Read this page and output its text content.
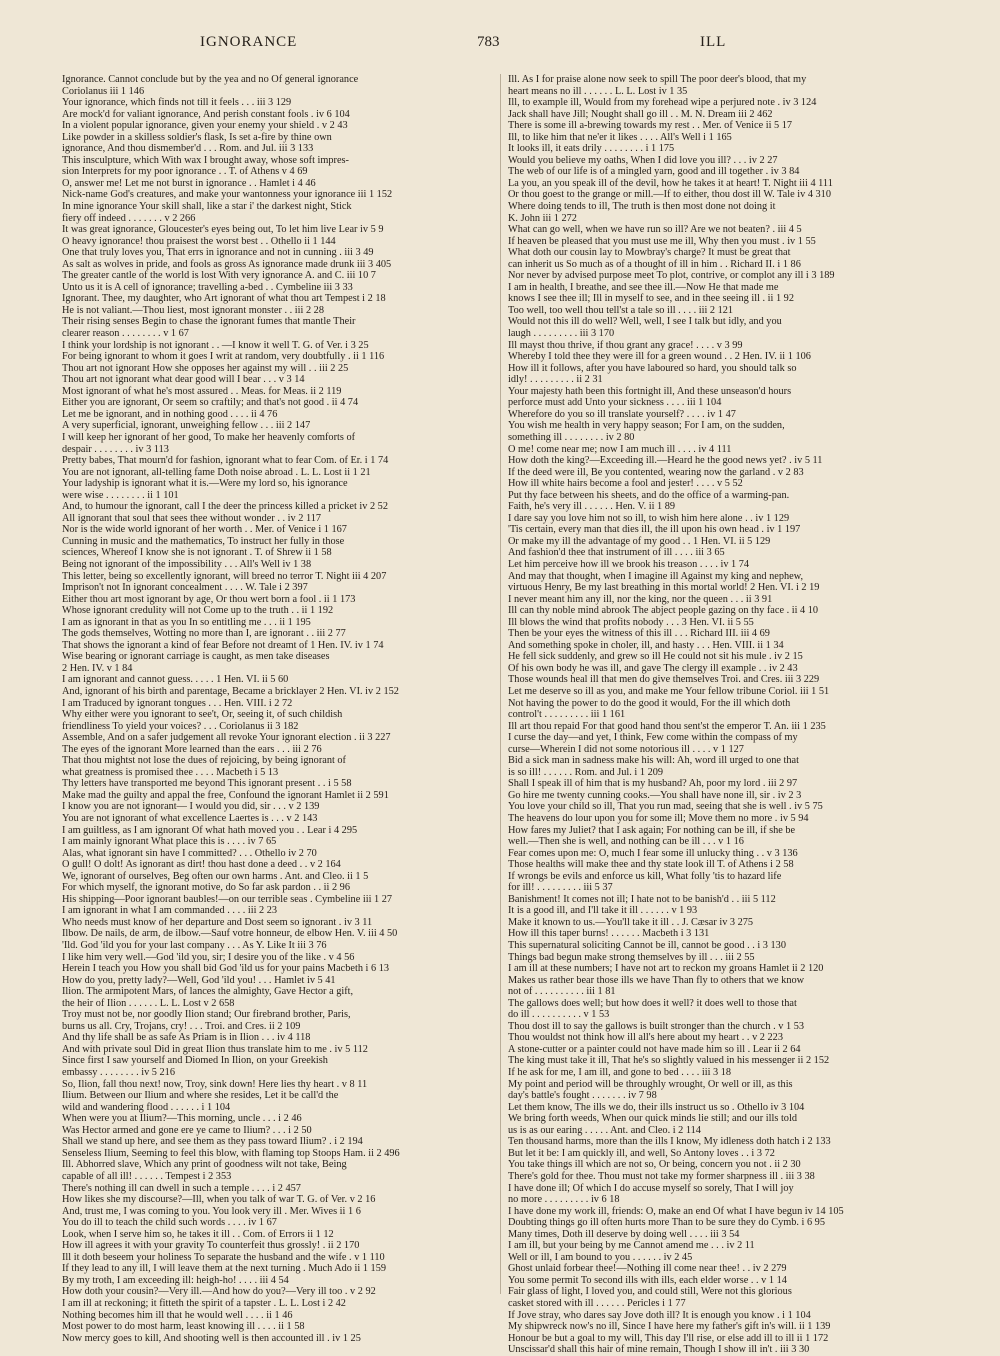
IGNORANCE	783	ILL
Ignorance. Cannot conclude but by the yea and no Of general ignorance
Coriolanus iii 1 146
Your ignorance, which finds not till it feels . . . iii 3 129
Are mock'd for valiant ignorance, And perish constant fools . iv 6 104
In a violent popular ignorance, given your enemy your shield . v 2 43
Like powder in a skilless soldier's flask, Is set a-fire by thine own
ignorance, And thou dismember'd . . . Rom. and Jul. iii 3 133
This insculpture, which With wax I brought away, whose soft impres-
sion Interprets for my poor ignorance . . T. of Athens v 4 69
O, answer me! Let me not burst in ignorance . . Hamlet i 4 46
Nick-name God's creatures, and make your wantonness your ignorance iii 1 152
In mine ignorance Your skill shall, like a star i' the darkest night, Stick
fiery off indeed . . . . . . . v 2 266
It was great ignorance, Gloucester's eyes being out, To let him live Lear iv 5 9
O heavy ignorance! thou praisest the worst best . . Othello ii 1 144
One that truly loves you, That errs in ignorance and not in cunning . iii 3 49
As salt as wolves in pride, and fools as gross As ignorance made drunk iii 3 405
The greater cantle of the world is lost With very ignorance A. and C. iii 10 7
Unto us it is A cell of ignorance; travelling a-bed . . Cymbeline iii 3 33
Ignorant. Thee, my daughter, who Art ignorant of what thou art Tempest i 2 18
He is not valiant.—Thou liest, most ignorant monster . . iii 2 28
Their rising senses Begin to chase the ignorant fumes that mantle Their
clearer reason . . . . . . . . v 1 67
I think your lordship is not ignorant . . —I know it well T. G. of Ver. i 3 25
For being ignorant to whom it goes I writ at random, very doubtfully . ii 1 116
Thou art not ignorant How she opposes her against my will . . iii 2 25
Thou art not ignorant what dear good will I bear . . . v 3 14
Most ignorant of what he's most assured . . Meas. for Meas. ii 2 119
Either you are ignorant, Or seem so craftily; and that's not good . ii 4 74
Let me be ignorant, and in nothing good . . . . ii 4 76
A very superficial, ignorant, unweighing fellow . . . iii 2 147
I will keep her ignorant of her good, To make her heavenly comforts of
despair . . . . . . . . iv 3 113
Pretty babes, That mourn'd for fashion, ignorant what to fear Com. of Er. i 1 74
You are not ignorant, all-telling fame Doth noise abroad . L. L. Lost ii 1 21
Your ladyship is ignorant what it is.—Were my lord so, his ignorance
were wise . . . . . . . . ii 1 101
And, to humour the ignorant, call I the deer the princess killed a pricket iv 2 52
All ignorant that soul that sees thee without wonder . . iv 2 117
Nor is the wide world ignorant of her worth . . Mer. of Venice i 1 167
Cunning in music and the mathematics, To instruct her fully in those
sciences, Whereof I know she is not ignorant . T. of Shrew ii 1 58
Being not ignorant of the impossibility . . . All's Well iv 1 38
This letter, being so excellently ignorant, will breed no terror T. Night iii 4 207
Imprison't not In ignorant concealment . . . . W. Tale i 2 397
Either thou art most ignorant by age, Or thou wert born a fool . ii 1 173
Whose ignorant credulity will not Come up to the truth . . ii 1 192
I am as ignorant in that as you In so entitling me . . . ii 1 195
The gods themselves, Wotting no more than I, are ignorant . . iii 2 77
That shows the ignorant a kind of fear Before not dreamt of 1 Hen. IV. iv 1 74
Wise bearing or ignorant carriage is caught, as men take diseases
2 Hen. IV. v 1 84
I am ignorant and cannot guess. . . . . 1 Hen. VI. ii 5 60
And, ignorant of his birth and parentage, Became a bricklayer 2 Hen. VI. iv 2 152
I am Traduced by ignorant tongues . . . Hen. VIII. i 2 72
Why either were you ignorant to see't, Or, seeing it, of such childish
friendliness To yield your voices? . . . Coriolanus ii 3 182
Assemble, And on a safer judgement all revoke Your ignorant election . ii 3 227
The eyes of the ignorant More learned than the ears . . . iii 2 76
That thou mightst not lose the dues of rejoicing, by being ignorant of
what greatness is promised thee . . . . Macbeth i 5 13
Thy letters have transported me beyond This ignorant present . . i 5 58
Make mad the guilty and appal the free, Confound the ignorant Hamlet ii 2 591
I know you are not ignorant— I would you did, sir . . . v 2 139
You are not ignorant of what excellence Laertes is . . . v 2 143
I am guiltless, as I am ignorant Of what hath moved you . . Lear i 4 295
I am mainly ignorant What place this is . . . . iv 7 65
Alas, what ignorant sin have I committed? . . . Othello iv 2 70
O gull! O dolt! As ignorant as dirt! thou hast done a deed . . v 2 164
We, ignorant of ourselves, Beg often our own harms . Ant. and Cleo. ii 1 5
For which myself, the ignorant motive, do So far ask pardon . . ii 2 96
His shipping—Poor ignorant baubles!—on our terrible seas . Cymbeline iii 1 27
I am ignorant in what I am commanded . . . . iii 2 23
Who needs must know of her departure and Dost seem so ignorant . iv 3 11
Ilbow. De nails, de arm, de ilbow.—Sauf votre honneur, de elbow Hen. V. iii 4 50
'Ild. God 'ild you for your last company . . . As Y. Like It iii 3 76
I like him very well.—God 'ild you, sir; I desire you of the like . v 4 56
Herein I teach you How you shall bid God 'ild us for your pains Macbeth i 6 13
How do you, pretty lady?—Well, God 'ild you! . . . Hamlet iv 5 41
Ilion. The armipotent Mars, of lances the almighty, Gave Hector a gift,
the heir of Ilion . . . . . . L. L. Lost v 2 658
Troy must not be, nor goodly Ilion stand; Our firebrand brother, Paris,
burns us all. Cry, Trojans, cry! . . . Troi. and Cres. ii 2 109
And thy life shall be as safe As Priam is in Ilion . . . iv 4 118
And with private soul Did in great Ilion thus translate him to me . iv 5 112
Since first I saw yourself and Diomed In Ilion, on your Greekish
embassy . . . . . . . . iv 5 216
So, Ilion, fall thou next! now, Troy, sink down! Here lies thy heart . v 8 11
Ilium. Between our Ilium and where she resides, Let it be call'd the
wild and wandering flood . . . . . . i 1 104
When were you at Ilium?—This morning, uncle . . . i 2 46
Was Hector armed and gone ere ye came to Ilium? . . . i 2 50
Shall we stand up here, and see them as they pass toward Ilium? . i 2 194
Senseless Ilium, Seeming to feel this blow, with flaming top Stoops Ham. ii 2 496
Ill. Abhorred slave, Which any print of goodness wilt not take, Being
capable of all ill! . . . . . . Tempest i 2 353
There's nothing ill can dwell in such a temple . . . . i 2 457
How likes she my discourse?—Ill, when you talk of war T. G. of Ver. v 2 16
And, trust me, I was coming to you. You look very ill . Mer. Wives ii 1 6
You do ill to teach the child such words . . . . iv 1 67
Look, when I serve him so, he takes it ill . . Com. of Errors ii 1 12
How ill agrees it with your gravity To counterfeit thus grossly! . ii 2 170
Ill it doth beseem your holiness To separate the husband and the wife . v 1 110
If they lead to any ill, I will leave them at the next turning . Much Ado ii 1 159
By my troth, I am exceeding ill: heigh-ho! . . . . iii 4 54
How doth your cousin?—Very ill.—And how do you?—Very ill too . v 2 92
I am ill at reckoning; it fitteth the spirit of a tapster . L. L. Lost i 2 42
Nothing becomes him ill that he would well . . . . ii 1 46
Most power to do most harm, least knowing ill . . . . ii 1 58
Now mercy goes to kill, And shooting well is then accounted ill . iv 1 25
Ill. As I for praise alone now seek to spill The poor deer's blood, that my
heart means no ill . . . . . . L. L. Lost iv 1 35
Ill, to example ill, Would from my forehead wipe a perjured note . iv 3 124
Jack shall have Jill; Nought shall go ill . . M. N. Dream iii 2 462
There is some ill a-brewing towards my rest . . Mer. of Venice ii 5 17
Ill, to like him that ne'er it likes . . . . All's Well i 1 165
It looks ill, it eats drily . . . . . . . . i 1 175
Would you believe my oaths, When I did love you ill? . . . iv 2 27
The web of our life is of a mingled yarn, good and ill together . iv 3 84
La you, an you speak ill of the devil, how he takes it at heart! T. Night iii 4 111
Or thou goest to the grange or mill.—If to either, thou dost ill W. Tale iv 4 310
Where doing tends to ill, The truth is then most done not doing it
K. John iii 1 272
What can go well, when we have run so ill? Are we not beaten? . iii 4 5
If heaven be pleased that you must use me ill, Why then you must . iv 1 55
What doth our cousin lay to Mowbray's charge? It must be great that
can inherit us So much as of a thought of ill in him . . Richard II. i 1 86
Nor never by advised purpose meet To plot, contrive, or complot any ill i 3 189
I am in health, I breathe, and see thee ill.—Now He that made me
knows I see thee ill; Ill in myself to see, and in thee seeing ill . ii 1 92
Too well, too well thou tell'st a tale so ill . . . . iii 2 121
Would not this ill do well? Well, well, I see I talk but idly, and you
laugh . . . . . . . . . iii 3 170
Ill mayst thou thrive, if thou grant any grace! . . . . v 3 99
Whereby I told thee they were ill for a green wound . . 2 Hen. IV. ii 1 106
How ill it follows, after you have laboured so hard, you should talk so
idly! . . . . . . . . . ii 2 31
Your majesty hath been this fortnight ill, And these unseason'd hours
perforce must add Unto your sickness . . . . iii 1 104
Wherefore do you so ill translate yourself? . . . . iv 1 47
You wish me health in very happy season; For I am, on the sudden,
something ill . . . . . . . . iv 2 80
O me! come near me; now I am much ill . . . . iv 4 111
How doth the king?—Exceeding ill.—Heard he the good news yet? . iv 5 11
If the deed were ill, Be you contented, wearing now the garland . v 2 83
How ill white hairs become a fool and jester! . . . . v 5 52
Put thy face between his sheets, and do the office of a warming-pan.
Faith, he's very ill . . . . . . Hen. V. ii 1 89
I dare say you love him not so ill, to wish him here alone . . iv 1 129
'Tis certain, every man that dies ill, the ill upon his own head . iv 1 197
Or make my ill the advantage of my good . . 1 Hen. VI. ii 5 129
And fashion'd thee that instrument of ill . . . . iii 3 65
Let him perceive how ill we brook his treason . . . . iv 1 74
And may that thought, when I imagine ill Against my king and nephew,
virtuous Henry, Be my last breathing in this mortal world! 2 Hen. VI. i 2 19
I never meant him any ill, nor the king, nor the queen . . . ii 3 91
Ill can thy noble mind abrook The abject people gazing on thy face . ii 4 10
Ill blows the wind that profits nobody . . . 3 Hen. VI. ii 5 55
Then be your eyes the witness of this ill . . . Richard III. iii 4 69
And something spoke in choler, ill, and hasty . . . Hen. VIII. ii 1 34
He fell sick suddenly, and grew so ill He could not sit his mule . iv 2 15
Of his own body he was ill, and gave The clergy ill example . . iv 2 43
Those wounds heal ill that men do give themselves Troi. and Cres. iii 3 229
Let me deserve so ill as you, and make me Your fellow tribune Coriol. iii 1 51
Not having the power to do the good it would, For the ill which doth
control't . . . . . . . . . iii 1 161
Ill art thou repaid For that good hand thou sent'st the emperor T. An. iii 1 235
I curse the day—and yet, I think, Few come within the compass of my
curse—Wherein I did not some notorious ill . . . . v 1 127
Bid a sick man in sadness make his will: Ah, word ill urged to one that
is so ill! . . . . . . Rom. and Jul. i 1 209
Shall I speak ill of him that is my husband? Ah, poor my lord . iii 2 97
Go hire me twenty cunning cooks.—You shall have none ill, sir . iv 2 3
You love your child so ill, That you run mad, seeing that she is well . iv 5 75
The heavens do lour upon you for some ill; Move them no more . iv 5 94
How fares my Juliet? that I ask again; For nothing can be ill, if she be
well.—Then she is well, and nothing can be ill . . . v 1 16
Fear comes upon me: O, much I fear some ill unlucky thing . . v 3 136
Those healths will make thee and thy state look ill T. of Athens i 2 58
If wrongs be evils and enforce us kill, What folly 'tis to hazard life
for ill! . . . . . . . . . iii 5 37
Banishment! It comes not ill; I hate not to be banish'd . . iii 5 112
It is a good ill, and I'll take it ill . . . . . . v 1 93
Make it known to us.—You'll take it ill . . J. Cæsar iv 3 275
How ill this taper burns! . . . . . . Macbeth i 3 131
This supernatural soliciting Cannot be ill, cannot be good . . i 3 130
Things bad begun make strong themselves by ill . . . iii 2 55
I am ill at these numbers; I have not art to reckon my groans Hamlet ii 2 120
Makes us rather bear those ills we have Than fly to others that we know
not of . . . . . . . . . . iii 1 81
The gallows does well; but how does it well? it does well to those that
do ill . . . . . . . . . . v 1 53
Thou dost ill to say the gallows is built stronger than the church . v 1 53
Thou wouldst not think how ill all's here about my heart . . v 2 223
A stone-cutter or a painter could not have made him so ill . Lear ii 2 64
The king must take it ill, That he's so slightly valued in his messenger ii 2 152
If he ask for me, I am ill, and gone to bed . . . . iii 3 18
My point and period will be throughly wrought, Or well or ill, as this
day's battle's fought . . . . . . . iv 7 98
Let them know, The ills we do, their ills instruct us so . Othello iv 3 104
We bring forth weeds, When our quick minds lie still; and our ills told
us is as our earing . . . . . Ant. and Cleo. i 2 114
Ten thousand harms, more than the ills I know, My idleness doth hatch i 2 133
But let it be: I am quickly ill, and well, So Antony loves . . i 3 72
You take things ill which are not so, Or being, concern you not . ii 2 30
There's gold for thee. Thou must not take my former sharpness ill . iii 3 38
I have done ill; Of which I do accuse myself so sorely, That I will joy
no more . . . . . . . . . iv 6 18
I have done my work ill, friends: O, make an end Of what I have begun iv 14 105
Doubting things go ill often hurts more Than to be sure they do Cymb. i 6 95
Many times, Doth ill deserve by doing well . . . . iii 3 54
I am ill, but your being by me Cannot amend me . . . iv 2 11
Well or ill, I am bound to you . . . . . . iv 2 45
Ghost unlaid forbear thee!—Nothing ill come near thee! . . iv 2 279
You some permit To second ills with ills, each elder worse . . v 1 14
Fair glass of light, I loved you, and could still, Were not this glorious
casket stored with ill . . . . . . Pericles i 1 77
If Jove stray, who dares say Jove doth ill? It is enough you know . i 1 104
My shipwreck now's no ill, Since I have here my father's gift in's will. ii 1 139
Honour be but a goal to my will, This day I'll rise, or else add ill to ill ii 1 172
Unscissar'd shall this hair of mine remain, Though I show ill in't . iii 3 30
